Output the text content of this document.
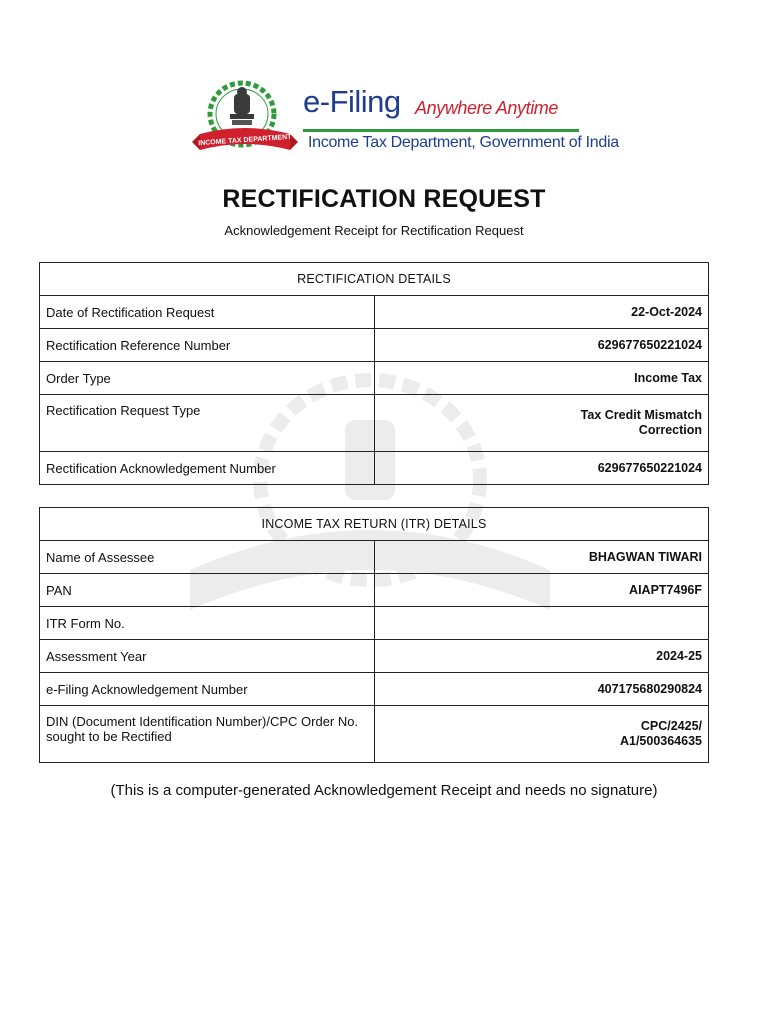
INCOME TAX DEPARTMENT
e-Filing Anywhere Anytime
Income Tax Department, Government of India
RECTIFICATION REQUEST
Acknowledgement Receipt for Rectification Request
RECTIFICATION DETAILS	
Date of Rectification Request	22-Oct-2024
Rectification Reference Number	629677650221024
Order Type	Income Tax
Rectification Request Type	Tax Credit Mismatch
Correction

Rectification Acknowledgement Number	629677650221024
INCOME TAX RETURN (ITR) DETAILS	
Name of Assessee	BHAGWAN TIWARI
PAN	AIAPT7496F
ITR Form No.	
Assessment Year	2024-25
e-Filing Acknowledgement Number	407175680290824
DIN (Document Identification Number)/CPC Order No. sought to be Rectified	CPC/2425/
A1/500364635
(This is a computer-generated Acknowledgement Receipt and needs no signature)
